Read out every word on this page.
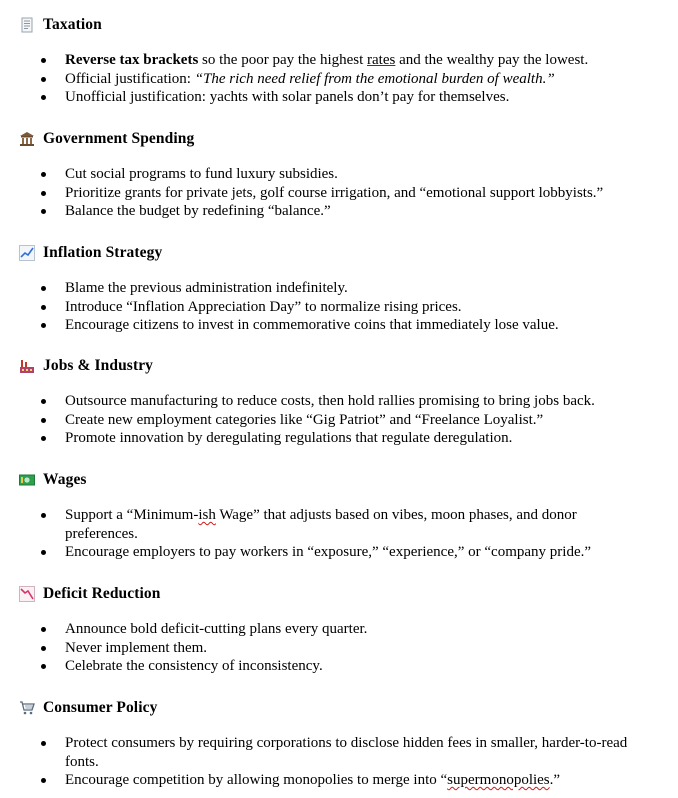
Taxation
Reverse tax brackets so the poor pay the highest rates and the wealthy pay the lowest.
Official justification: “The rich need relief from the emotional burden of wealth.”
Unofficial justification: yachts with solar panels don’t pay for themselves.
Government Spending
Cut social programs to fund luxury subsidies.
Prioritize grants for private jets, golf course irrigation, and “emotional support lobbyists.”
Balance the budget by redefining “balance.”
Inflation Strategy
Blame the previous administration indefinitely.
Introduce “Inflation Appreciation Day” to normalize rising prices.
Encourage citizens to invest in commemorative coins that immediately lose value.
Jobs & Industry
Outsource manufacturing to reduce costs, then hold rallies promising to bring jobs back.
Create new employment categories like “Gig Patriot” and “Freelance Loyalist.”
Promote innovation by deregulating regulations that regulate deregulation.
Wages
Support a “Minimum-ish Wage” that adjusts based on vibes, moon phases, and donor preferences.
Encourage employers to pay workers in “exposure,” “experience,” or “company pride.”
Deficit Reduction
Announce bold deficit-cutting plans every quarter.
Never implement them.
Celebrate the consistency of inconsistency.
Consumer Policy
Protect consumers by requiring corporations to disclose hidden fees in smaller, harder-to-read fonts.
Encourage competition by allowing monopolies to merge into “supermonopolies.”
